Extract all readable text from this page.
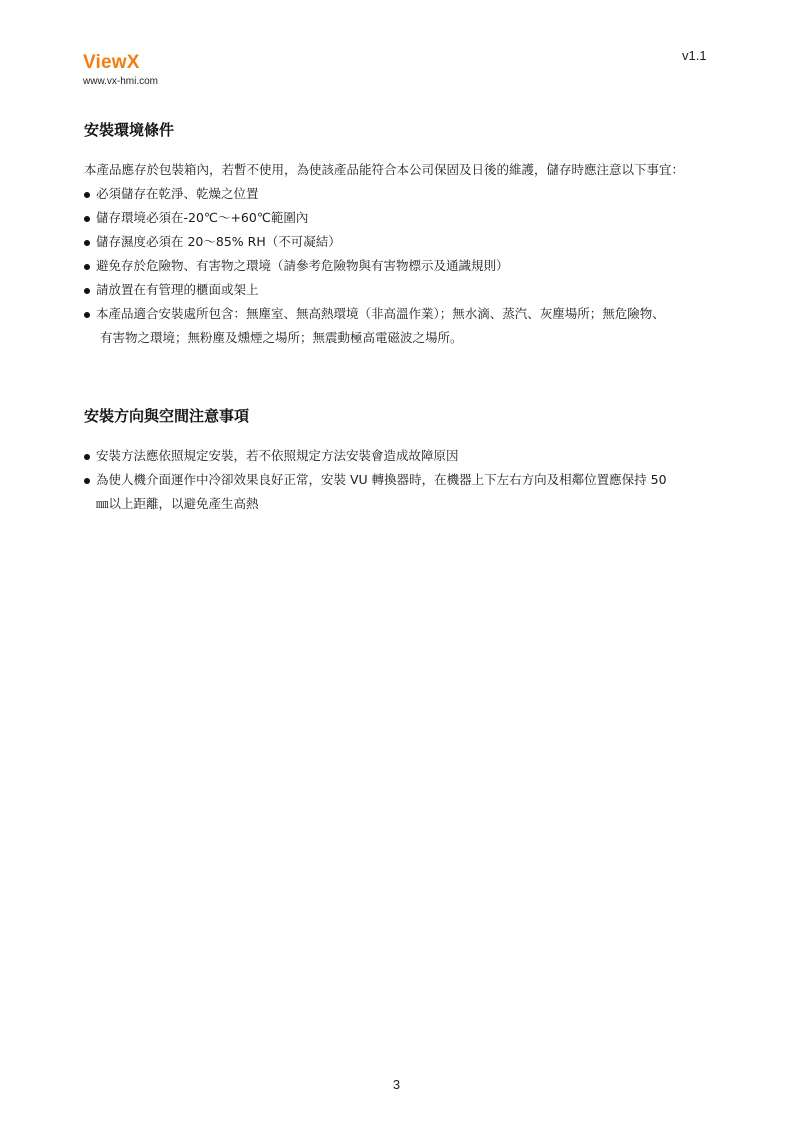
ViewX
www.vx-hmi.com
v1.1
安裝環境條件

本產品應存於包裝箱內，若暫不使用，為使該產品能符合本公司保固及日後的維護，儲存時應注意以下事宜：

必須儲存在乾淨、乾燥之位置
儲存環境必須在-20℃～+60℃範圍內
儲存濕度必須在 20～85% RH（不可凝結）
避免存於危險物、有害物之環境（請參考危險物與有害物標示及通識規則）
請放置在有管理的櫃面或架上
本產品適合安裝處所包含：無塵室、無高熱環境（非高溫作業）；無水滴、蒸汽、灰塵場所；無危險物、
有害物之環境；無粉塵及燻煙之場所；無震動極高電磁波之場所。
安裝方向與空間注意事項
安裝方法應依照規定安裝，若不依照規定方法安裝會造成故障原因
為使人機介面運作中冷卻效果良好正常，安裝 VU 轉換器時，在機器上下左右方向及相鄰位置應保持 50
㎜以上距離，以避免產生高熱
3
